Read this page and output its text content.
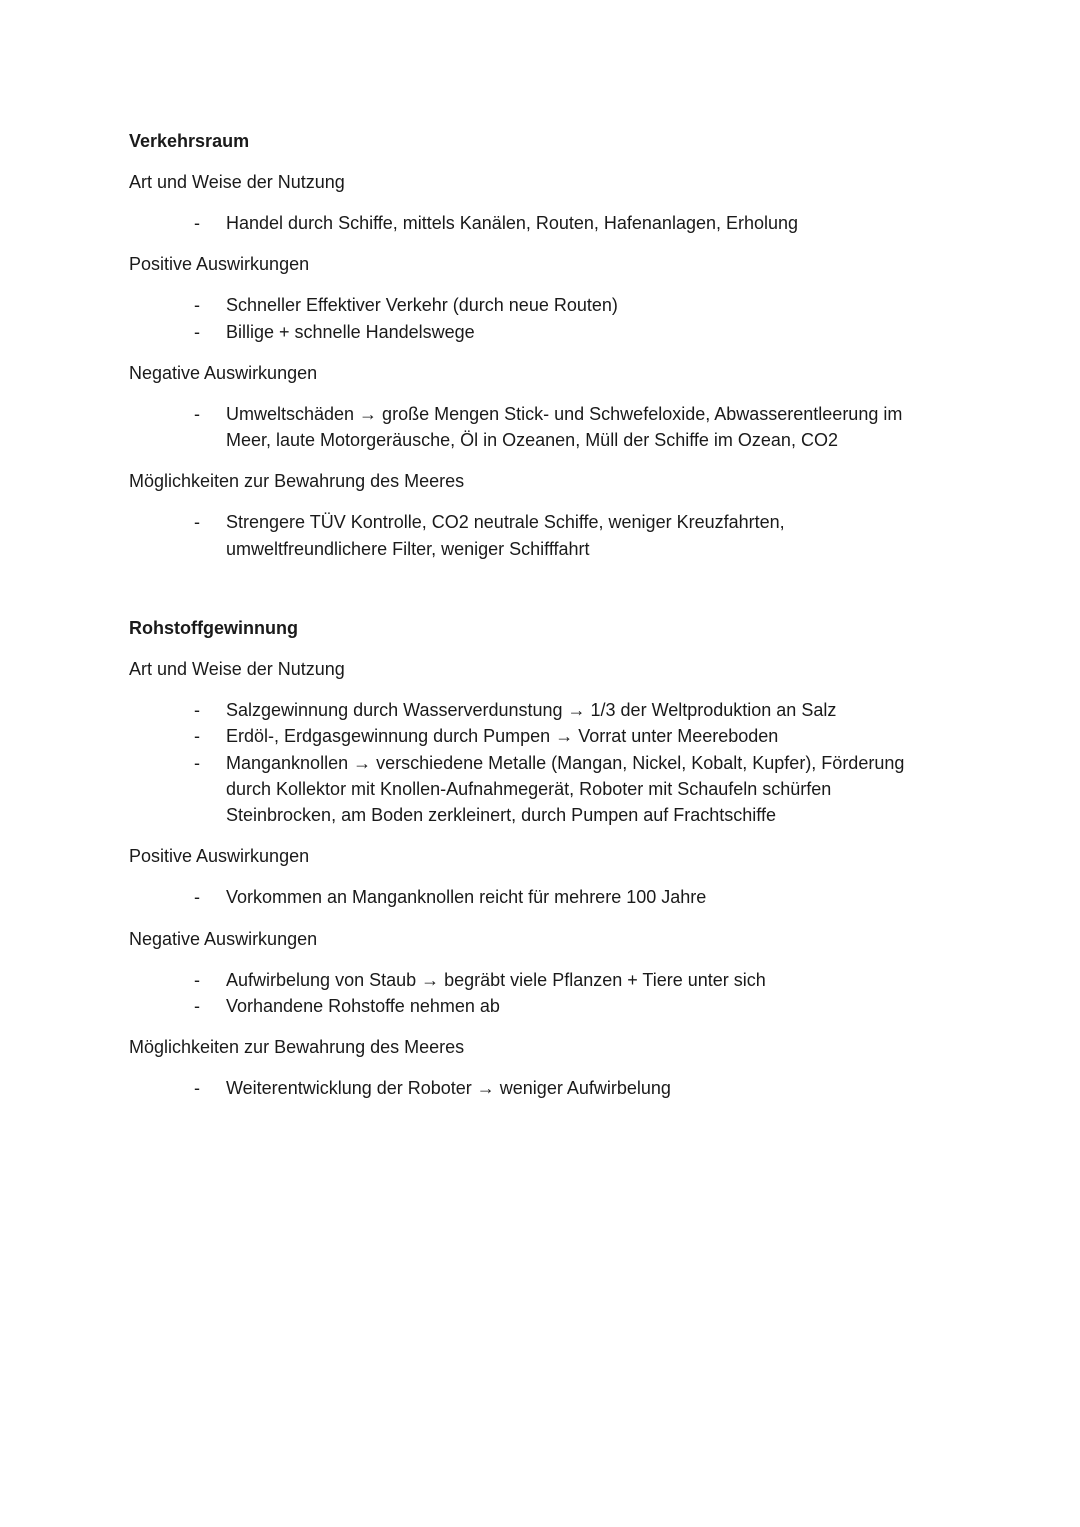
Verkehrsraum
Art und Weise der Nutzung
- Handel durch Schiffe, mittels Kanälen, Routen, Hafenanlagen, Erholung
Positive Auswirkungen
- Schneller Effektiver Verkehr (durch neue Routen)
- Billige + schnelle Handelswege
Negative Auswirkungen
- Umweltschäden → große Mengen Stick- und Schwefeloxide, Abwasserentleerung im Meer, laute Motorgeräusche, Öl in Ozeanen, Müll der Schiffe im Ozean, CO2
Möglichkeiten zur Bewahrung des Meeres
- Strengere TÜV Kontrolle, CO2 neutrale Schiffe, weniger Kreuzfahrten, umweltfreundlichere Filter, weniger Schifffahrt
Rohstoffgewinnung
Art und Weise der Nutzung
- Salzgewinnung durch Wasserverdunstung → 1/3 der Weltproduktion an Salz
- Erdöl-, Erdgasgewinnung durch Pumpen → Vorrat unter Meereboden
- Manganknollen → verschiedene Metalle (Mangan, Nickel, Kobalt, Kupfer), Förderung durch Kollektor mit Knollen-Aufnahmegerät, Roboter mit Schaufeln schürfen Steinbrocken, am Boden zerkleinert, durch Pumpen auf Frachtschiffe
Positive Auswirkungen
- Vorkommen an Manganknollen reicht für mehrere 100 Jahre
Negative Auswirkungen
- Aufwirbelung von Staub → begräbt viele Pflanzen + Tiere unter sich
- Vorhandene Rohstoffe nehmen ab
Möglichkeiten zur Bewahrung des Meeres
- Weiterentwicklung der Roboter → weniger Aufwirbelung
